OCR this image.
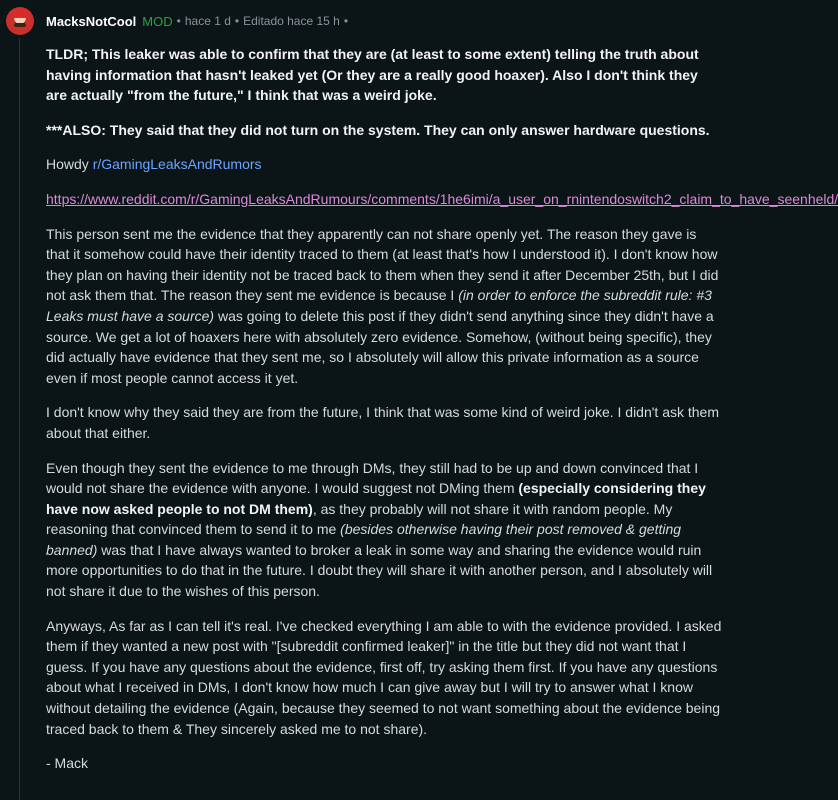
MacksNotCool MOD • hace 1 d • Editado hace 15 h •

TLDR; This leaker was able to confirm that they are (at least to some extent) telling the truth about having information that hasn't leaked yet (Or they are a really good hoaxer). Also I don't think they are actually "from the future," I think that was a weird joke.

***ALSO: They said that they did not turn on the system. They can only answer hardware questions.

Howdy r/GamingLeaksAndRumors

https://www.reddit.com/r/GamingLeaksAndRumours/comments/1he6imi/a_user_on_rnintendoswitch2_claim_to_have_seenheld/

This person sent me the evidence that they apparently can not share openly yet. The reason they gave is that it somehow could have their identity traced to them (at least that's how I understood it). I don't know how they plan on having their identity not be traced back to them when they send it after December 25th, but I did not ask them that. The reason they sent me evidence is because I (in order to enforce the subreddit rule: #3 Leaks must have a source) was going to delete this post if they didn't send anything since they didn't have a source. We get a lot of hoaxers here with absolutely zero evidence. Somehow, (without being specific), they did actually have evidence that they sent me, so I absolutely will allow this private information as a source even if most people cannot access it yet.

I don't know why they said they are from the future, I think that was some kind of weird joke. I didn't ask them about that either.

Even though they sent the evidence to me through DMs, they still had to be up and down convinced that I would not share the evidence with anyone. I would suggest not DMing them (especially considering they have now asked people to not DM them), as they probably will not share it with random people. My reasoning that convinced them to send it to me (besides otherwise having their post removed & getting banned) was that I have always wanted to broker a leak in some way and sharing the evidence would ruin more opportunities to do that in the future. I doubt they will share it with another person, and I absolutely will not share it due to the wishes of this person.

Anyways, As far as I can tell it's real. I've checked everything I am able to with the evidence provided. I asked them if they wanted a new post with "[subreddit confirmed leaker]" in the title but they did not want that I guess. If you have any questions about the evidence, first off, try asking them first. If you have any questions about what I received in DMs, I don't know how much I can give away but I will try to answer what I know without detailing the evidence (Again, because they seemed to not want something about the evidence being traced back to them & They sincerely asked me to not share).

- Mack
